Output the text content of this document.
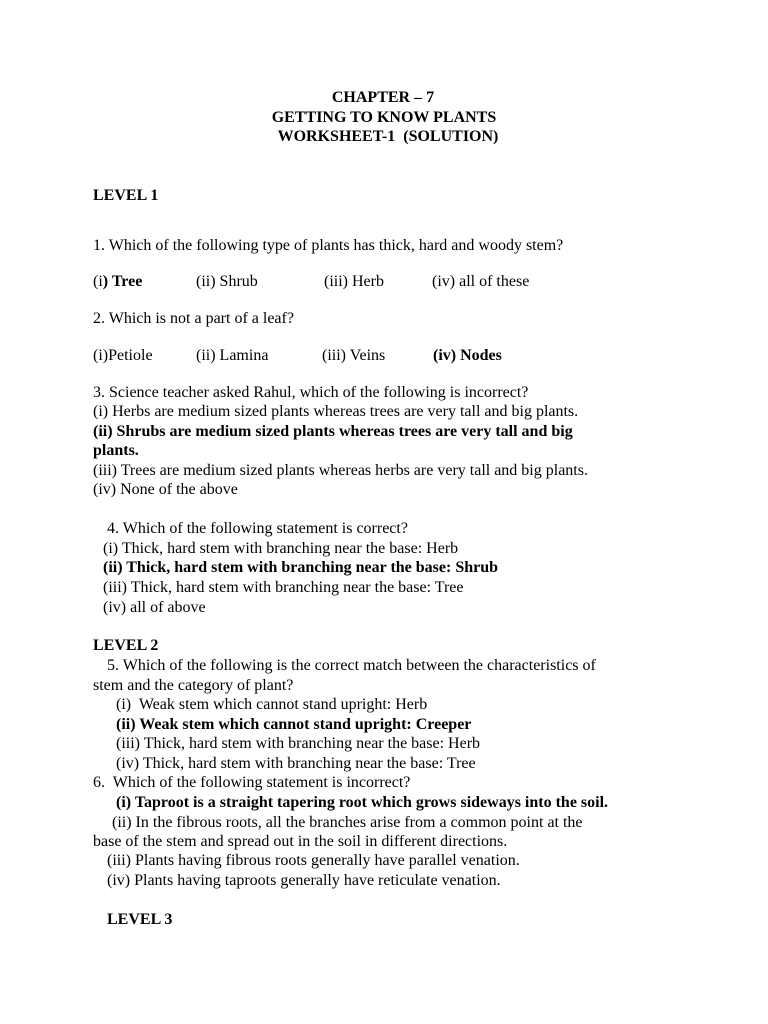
CHAPTER – 7
GETTING TO KNOW PLANTS
WORKSHEET-1  (SOLUTION)
LEVEL 1
1. Which of the following type of plants has thick, hard and woody stem?
(i) Tree	(ii) Shrub	(iii) Herb	(iv) all of these
2. Which is not a part of a leaf?
(i)Petiole	(ii) Lamina	(iii) Veins	(iv) Nodes
3. Science teacher asked Rahul, which of the following is incorrect?
(i) Herbs are medium sized plants whereas trees are very tall and big plants.
(ii) Shrubs are medium sized plants whereas trees are very tall and big
plants.
(iii) Trees are medium sized plants whereas herbs are very tall and big plants.
(iv) None of the above
4. Which of the following statement is correct?
(i) Thick, hard stem with branching near the base: Herb
(ii) Thick, hard stem with branching near the base: Shrub
(iii) Thick, hard stem with branching near the base: Tree
(iv) all of above
LEVEL 2
5. Which of the following is the correct match between the characteristics of
stem and the category of plant?
(i)  Weak stem which cannot stand upright: Herb
(ii) Weak stem which cannot stand upright: Creeper
(iii) Thick, hard stem with branching near the base: Herb
(iv) Thick, hard stem with branching near the base: Tree
6.  Which of the following statement is incorrect?
(i) Taproot is a straight tapering root which grows sideways into the soil.
(ii) In the fibrous roots, all the branches arise from a common point at the
base of the stem and spread out in the soil in different directions.
(iii) Plants having fibrous roots generally have parallel venation.
(iv) Plants having taproots generally have reticulate venation.
LEVEL 3
